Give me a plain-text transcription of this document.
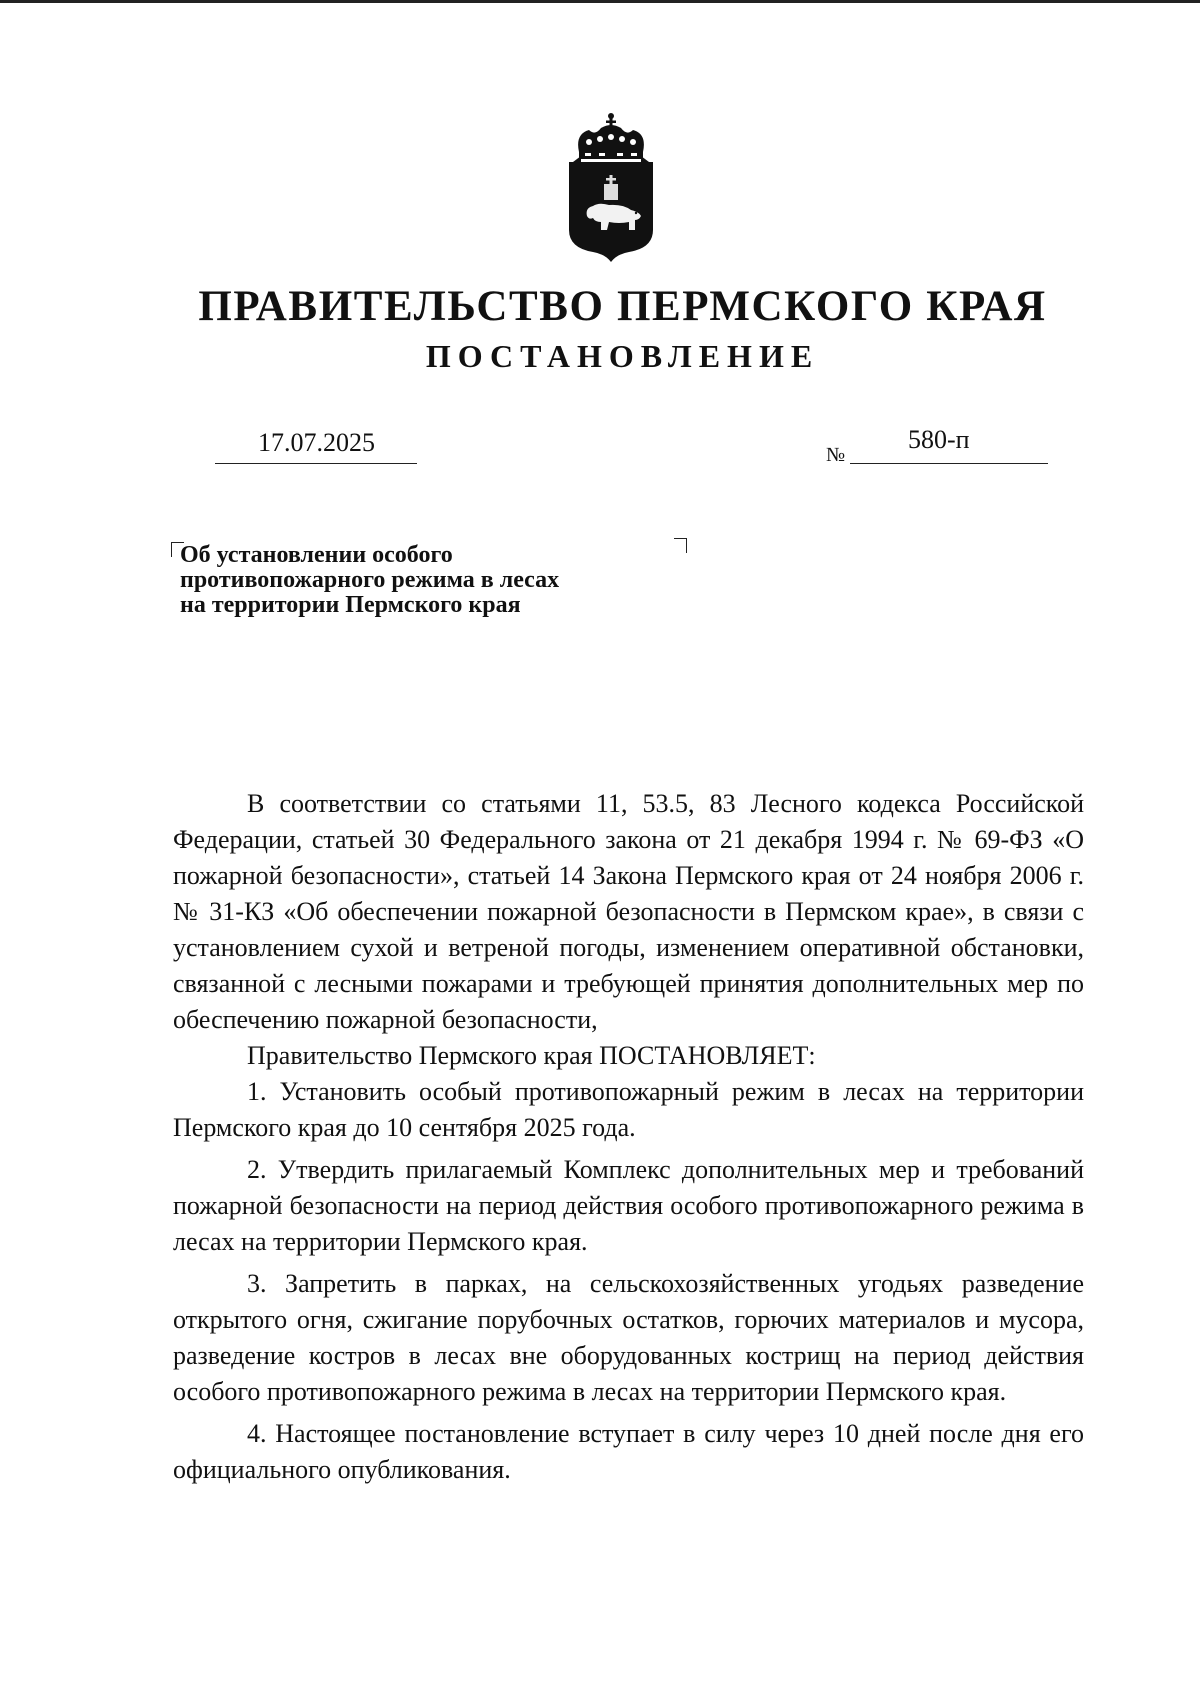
ПРАВИТЕЛЬСТВО ПЕРМСКОГО КРАЯ
ПОСТАНОВЛЕНИЕ
17.07.2025	№
580-п
Об установлении особого
противопожарного режима в лесах
на территории Пермского края

В соответствии со статьями 11, 53.5, 83 Лесного кодекса Российской Федерации, статьей 30 Федерального закона от 21 декабря 1994 г. № 69-ФЗ «О пожарной безопасности», статьей 14 Закона Пермского края от 24 ноября 2006 г. № 31-КЗ «Об обеспечении пожарной безопасности в Пермском крае», в связи с установлением сухой и ветреной погоды, изменением оперативной обстановки, связанной с лесными пожарами и требующей принятия дополнительных мер по обеспечению пожарной безопасности,

Правительство Пермского края ПОСТАНОВЛЯЕТ:

1. Установить особый противопожарный режим в лесах на территории Пермского края до 10 сентября 2025 года.

2. Утвердить прилагаемый Комплекс дополнительных мер и требований пожарной безопасности на период действия особого противопожарного режима в лесах на территории Пермского края.

3. Запретить в парках, на сельскохозяйственных угодьях разведение открытого огня, сжигание порубочных остатков, горючих материалов и мусора, разведение костров в лесах вне оборудованных кострищ на период действия особого противопожарного режима в лесах на территории Пермского края.

4. Настоящее постановление вступает в силу через 10 дней после дня его официального опубликования.
